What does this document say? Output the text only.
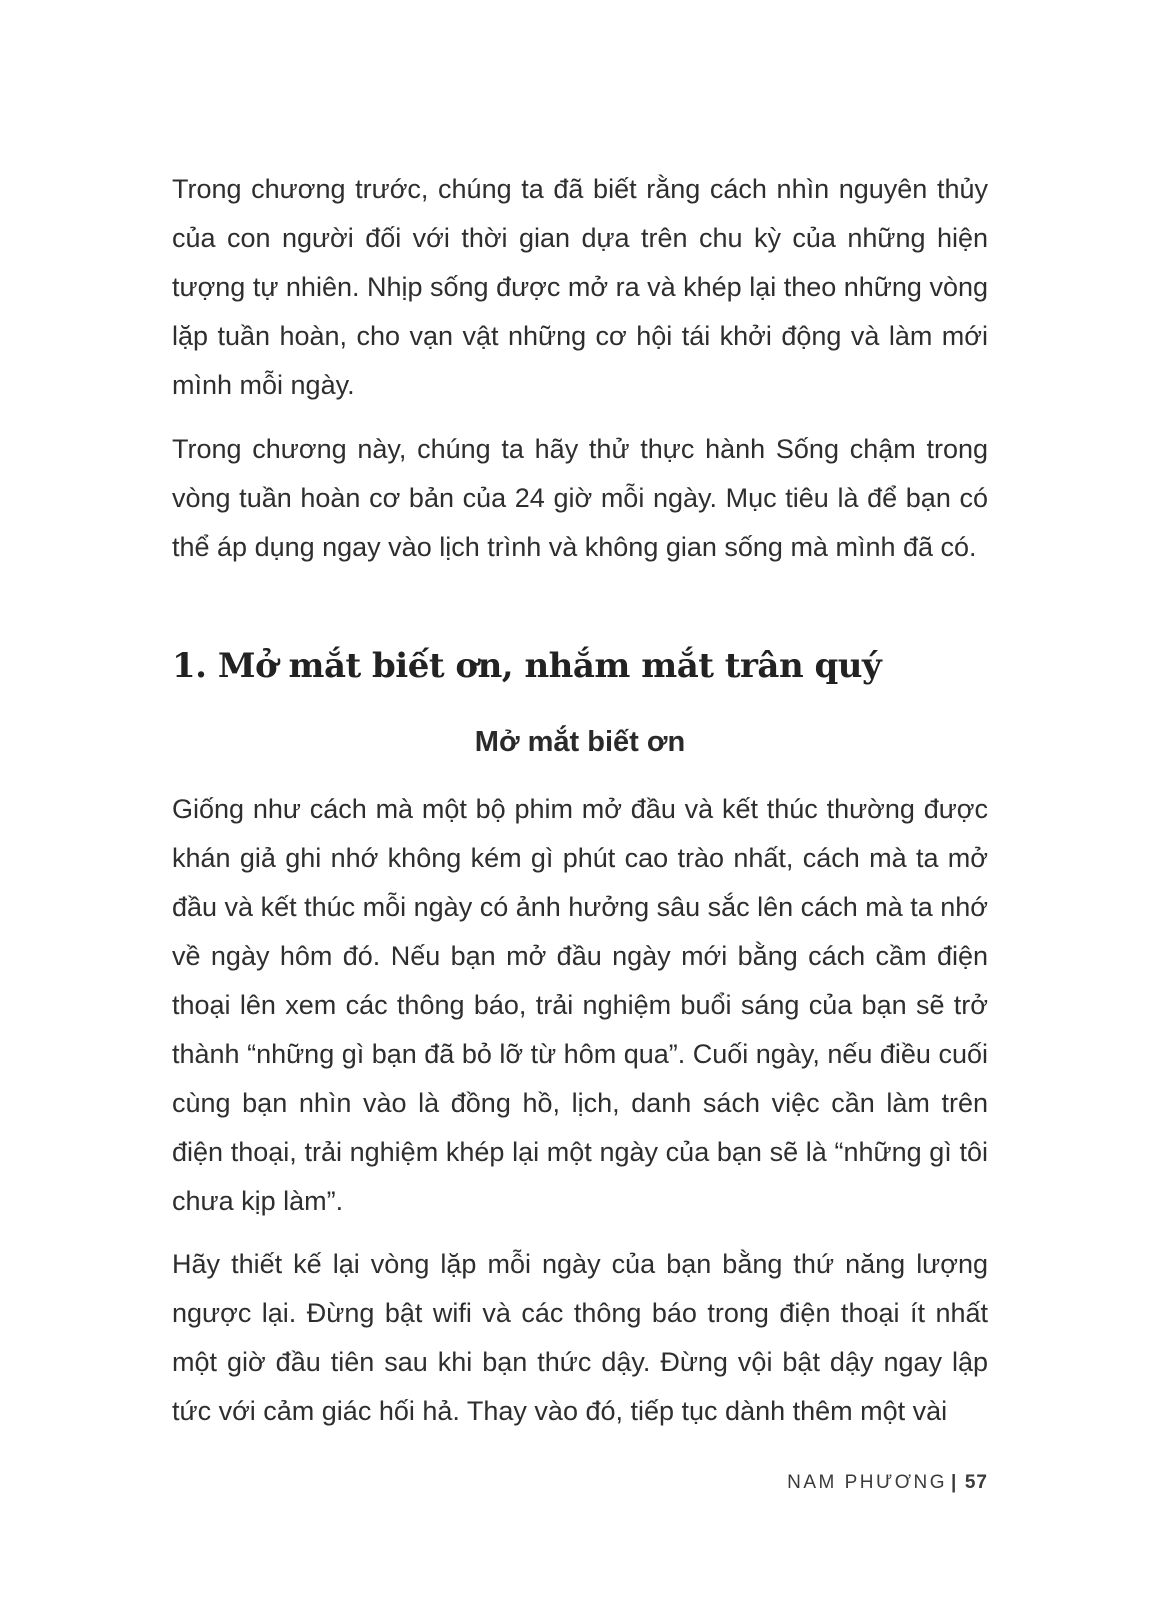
Trong chương trước, chúng ta đã biết rằng cách nhìn nguyên thủy của con người đối với thời gian dựa trên chu kỳ của những hiện tượng tự nhiên. Nhịp sống được mở ra và khép lại theo những vòng lặp tuần hoàn, cho vạn vật những cơ hội tái khởi động và làm mới mình mỗi ngày.

Trong chương này, chúng ta hãy thử thực hành Sống chậm trong vòng tuần hoàn cơ bản của 24 giờ mỗi ngày. Mục tiêu là để bạn có thể áp dụng ngay vào lịch trình và không gian sống mà mình đã có.

1. Mở mắt biết ơn, nhắm mắt trân quý
Mở mắt biết ơn

Giống như cách mà một bộ phim mở đầu và kết thúc thường được khán giả ghi nhớ không kém gì phút cao trào nhất, cách mà ta mở đầu và kết thúc mỗi ngày có ảnh hưởng sâu sắc lên cách mà ta nhớ về ngày hôm đó. Nếu bạn mở đầu ngày mới bằng cách cầm điện thoại lên xem các thông báo, trải nghiệm buổi sáng của bạn sẽ trở thành “những gì bạn đã bỏ lỡ từ hôm qua”. Cuối ngày, nếu điều cuối cùng bạn nhìn vào là đồng hồ, lịch, danh sách việc cần làm trên điện thoại, trải nghiệm khép lại một ngày của bạn sẽ là “những gì tôi chưa kịp làm”.

Hãy thiết kế lại vòng lặp mỗi ngày của bạn bằng thứ năng lượng ngược lại. Đừng bật wifi và các thông báo trong điện thoại ít nhất một giờ đầu tiên sau khi bạn thức dậy. Đừng vội bật dậy ngay lập tức với cảm giác hối hả. Thay vào đó, tiếp tục dành thêm một vài

NAM PHƯƠNG | 57
